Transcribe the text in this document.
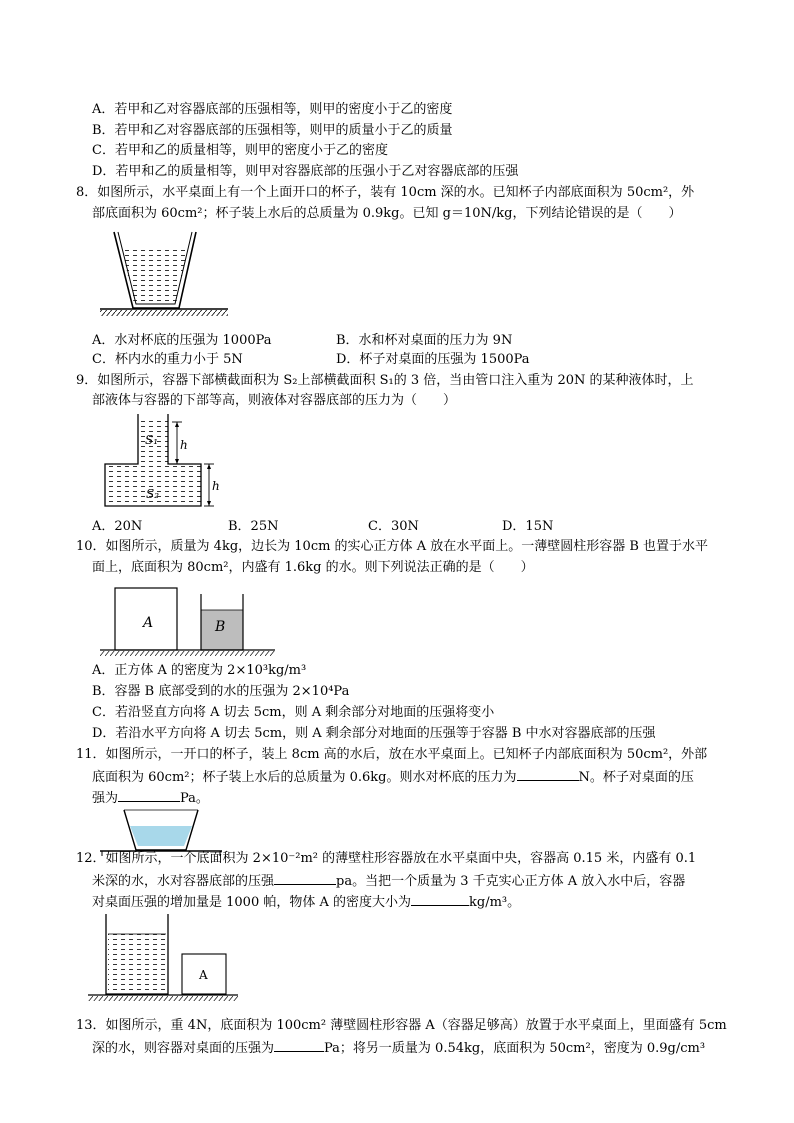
A．若甲和乙对容器底部的压强相等，则甲的密度小于乙的密度
B．若甲和乙对容器底部的压强相等，则甲的质量小于乙的质量
C．若甲和乙的质量相等，则甲的密度小于乙的密度
D．若甲和乙的质量相等，则甲对容器底部的压强小于乙对容器底部的压强
8．如图所示，水平桌面上有一个上面开口的杯子，装有 10cm 深的水。已知杯子内部底面积为 50cm²，外
部底面积为 60cm²；杯子装上水后的总质量为 0.9kg。已知 g＝10N/kg，下列结论错误的是（　　）
A．水对杯底的压强为 1000Pa	B．水和杯对桌面的压力为 9N
C．杯内水的重力小于 5N	D．杯子对桌面的压强为 1500Pa
9．如图所示，容器下部横截面积为 S₂上部横截面积 S₁的 3 倍，当由管口注入重为 20N 的某种液体时，上
部液体与容器的下部等高，则液体对容器底部的压力为（　　）
S₁ h
S₂
h
A．20N	B．25N	C．30N	D．15N
10．如图所示，质量为 4kg，边长为 10cm 的实心正方体 A 放在水平面上。一薄壁圆柱形容器 B 也置于水平
面上，底面积为 80cm²，内盛有 1.6kg 的水。则下列说法正确的是（　　）
A	B
A．正方体 A 的密度为 2×10³kg/m³
B．容器 B 底部受到的水的压强为 2×10⁴Pa
C．若沿竖直方向将 A 切去 5cm，则 A 剩余部分对地面的压强将变小
D．若沿水平方向将 A 切去 5cm，则 A 剩余部分对地面的压强等于容器 B 中水对容器底部的压强
11．如图所示，一开口的杯子，装上 8cm 高的水后，放在水平桌面上。已知杯子内部底面积为 50cm²，外部
底面积为 60cm²；杯子装上水后的总质量为 0.6kg。则水对杯底的压力为	N。杯子对桌面的压
强为	Pa。
12．如图所示，一个底面积为 2×10⁻²m² 的薄壁柱形容器放在水平桌面中央，容器高 0.15 米，内盛有 0.1
米深的水，水对容器底部的压强	pa。当把一个质量为 3 千克实心正方体 A 放入水中后，容器
对桌面压强的增加量是 1000 帕，物体 A 的密度大小为	kg/m³。
A
13．如图所示，重 4N，底面积为 100cm² 薄壁圆柱形容器 A（容器足够高）放置于水平桌面上，里面盛有 5cm
深的水，则容器对桌面的压强为	Pa；将另一质量为 0.54kg，底面积为 50cm²，密度为 0.9g/cm³
